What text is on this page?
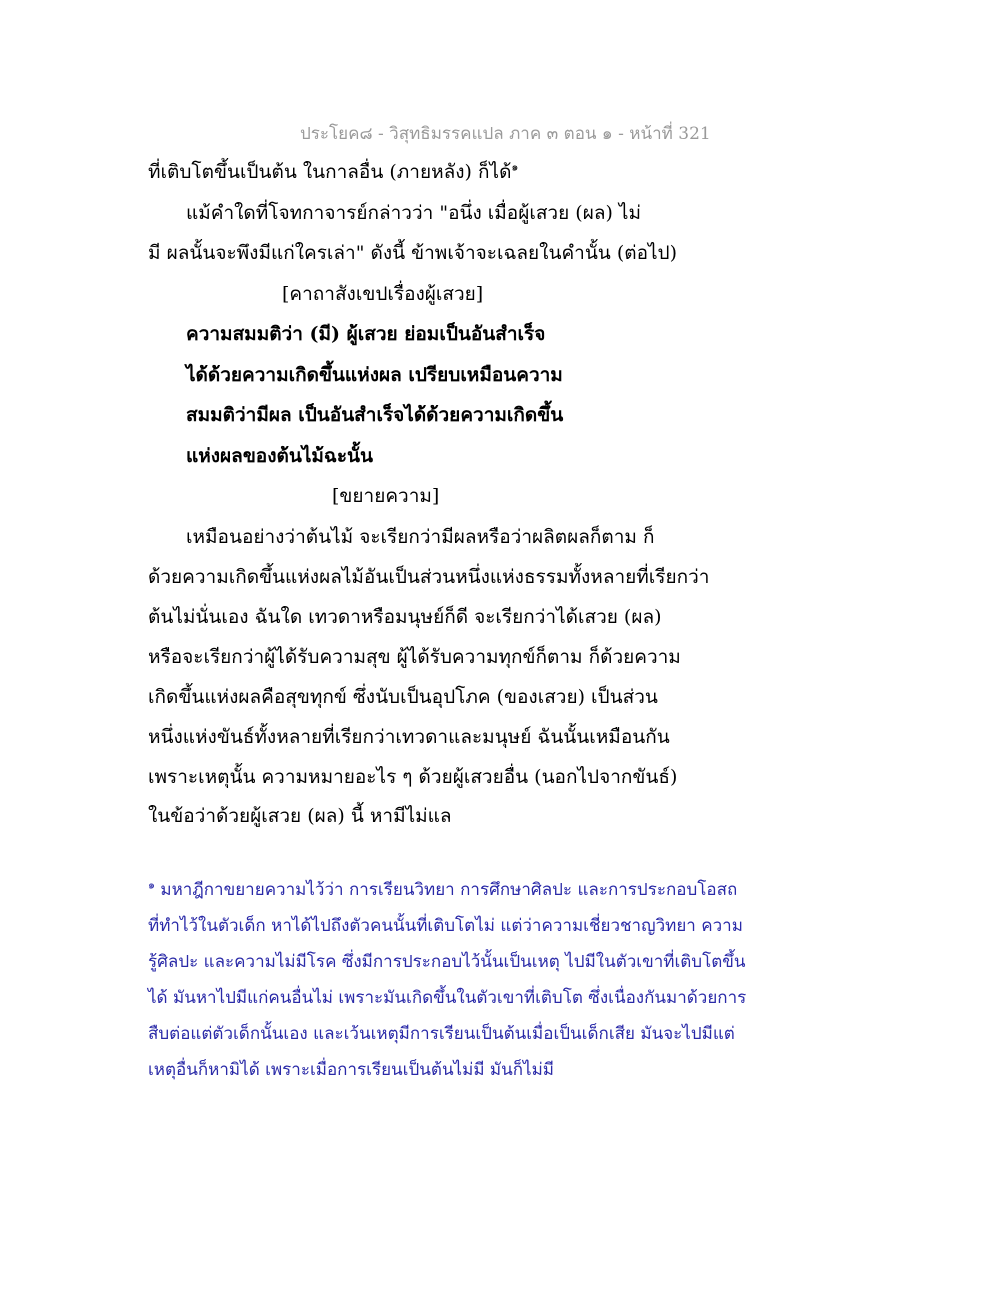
ประโยค๘ - วิสุทธิมรรคแปล ภาค ๓ ตอน ๑ - หน้าที่ 321
ที่เติบโตขึ้นเป็นต้น ในกาลอื่น (ภายหลัง) ก็ได้$^๑$
แม้คำใดที่โจทกาจารย์กล่าวว่า "อนึ่ง เมื่อผู้เสวย (ผล) ไม่
มี ผลนั้นจะพึงมีแก่ใครเล่า" ดังนี้ ข้าพเจ้าจะเฉลยในคำนั้น (ต่อไป)
[คาถาสังเขปเรื่องผู้เสวย]
ความสมมติว่า (มี) ผู้เสวย ย่อมเป็นอันสำเร็จ
ได้ด้วยความเกิดขึ้นแห่งผล เปรียบเหมือนความ
สมมติว่ามีผล เป็นอันสำเร็จได้ด้วยความเกิดขึ้น
แห่งผลของต้นไม้ฉะนั้น
[ขยายความ]
เหมือนอย่างว่าต้นไม้ จะเรียกว่ามีผลหรือว่าผลิตผลก็ตาม ก็
ด้วยความเกิดขึ้นแห่งผลไม้อันเป็นส่วนหนึ่งแห่งธรรมทั้งหลายที่เรียกว่า
ต้นไม่นั่นเอง ฉันใด เทวดาหรือมนุษย์ก็ดี จะเรียกว่าได้เสวย (ผล)
หรือจะเรียกว่าผู้ได้รับความสุข ผู้ได้รับความทุกข์ก็ตาม ก็ด้วยความ
เกิดขึ้นแห่งผลคือสุขทุกข์ ซึ่งนับเป็นอุปโภค (ของเสวย) เป็นส่วน
หนึ่งแห่งขันธ์ทั้งหลายที่เรียกว่าเทวดาและมนุษย์ ฉันนั้นเหมือนกัน
เพราะเหตุนั้น ความหมายอะไร ๆ ด้วยผู้เสวยอื่น (นอกไปจากขันธ์)
ในข้อว่าด้วยผู้เสวย (ผล) นี้ หามีไม่แล
$^๑$ มหาฎีกาขยายความไว้ว่า การเรียนวิทยา การศึกษาศิลปะ และการประกอบโอสถ
ที่ทำไว้ในตัวเด็ก หาได้ไปถึงตัวคนนั้นที่เติบโตไม่ แต่ว่าความเชี่ยวชาญวิทยา ความ
รู้ศิลปะ และความไม่มีโรค ซึ่งมีการประกอบไว้นั้นเป็นเหตุ ไปมีในตัวเขาที่เติบโตขึ้น
ได้ มันหาไปมีแก่คนอื่นไม่ เพราะมันเกิดขึ้นในตัวเขาที่เติบโต ซึ่งเนื่องกันมาด้วยการ
สืบต่อแต่ตัวเด็กนั้นเอง และเว้นเหตุมีการเรียนเป็นต้นเมื่อเป็นเด็กเสีย มันจะไปมีแต่
เหตุอื่นก็หามิได้ เพราะเมื่อการเรียนเป็นต้นไม่มี มันก็ไม่มี
